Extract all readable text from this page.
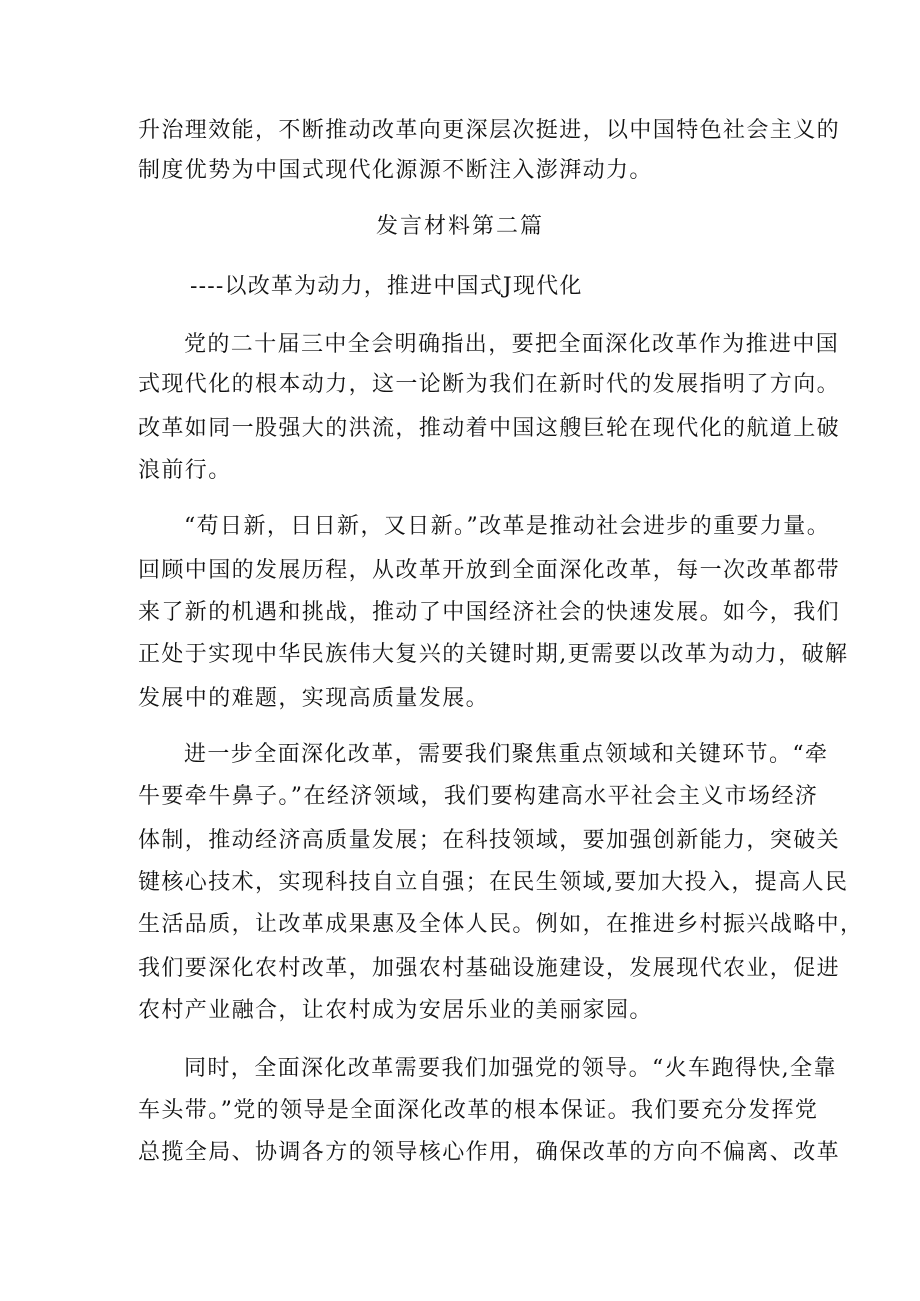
升治理效能，不断推动改革向更深层次挺进，以中国特色社会主义的
制度优势为中国式现代化源源不断注入澎湃动力。
发言材料第二篇
----以改革为动力，推进中国式J现代化
党的二十届三中全会明确指出，要把全面深化改革作为推进中国
式现代化的根本动力，这一论断为我们在新时代的发展指明了方向。
改革如同一股强大的洪流，推动着中国这艘巨轮在现代化的航道上破
浪前行。
“苟日新，日日新，又日新。”改革是推动社会进步的重要力量。
回顾中国的发展历程，从改革开放到全面深化改革，每一次改革都带
来了新的机遇和挑战，推动了中国经济社会的快速发展。如今，我们
正处于实现中华民族伟大复兴的关键时期,更需要以改革为动力，破解
发展中的难题，实现高质量发展。
进一步全面深化改革，需要我们聚焦重点领域和关键环节。“牵
牛要牵牛鼻子。”在经济领域，我们要构建高水平社会主义市场经济
体制，推动经济高质量发展；在科技领域，要加强创新能力，突破关
键核心技术，实现科技自立自强；在民生领域,要加大投入，提高人民
生活品质，让改革成果惠及全体人民。例如，在推进乡村振兴战略中，
我们要深化农村改革，加强农村基础设施建设，发展现代农业，促进
农村产业融合，让农村成为安居乐业的美丽家园。
同时，全面深化改革需要我们加强党的领导。“火车跑得快,全靠
车头带。”党的领导是全面深化改革的根本保证。我们要充分发挥党
总揽全局、协调各方的领导核心作用，确保改革的方向不偏离、改革
